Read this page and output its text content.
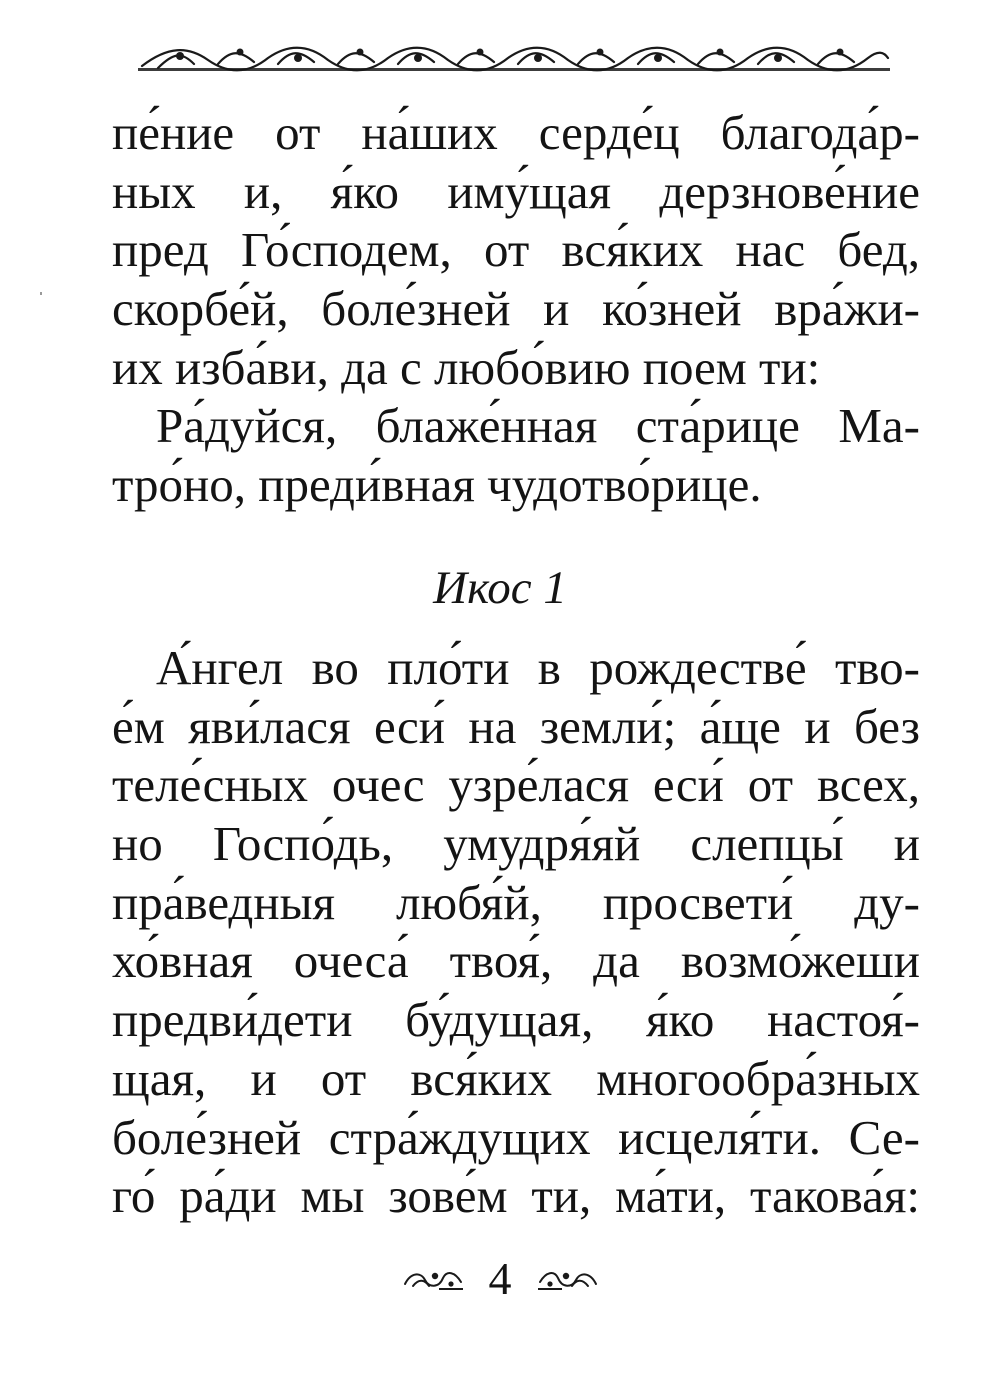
пе́ние от на́ших серде́ц благода́р-
ных и, я́ко иму́щая дерзнове́ние
пред Го́сподем, от вся́ких нас бед,
скорбе́й, боле́зней и ко́зней вра́жи-
их изба́ви, да с любо́вию поем ти:
Ра́дуйся, блаже́нная ста́рице Ма-
тро́но, преди́вная чудотво́рице.
Икос 1
А́нгел во пло́ти в рождестве́ тво-
е́м яви́лася еси́ на земли́; а́ще и без
теле́сных очес узре́лася еси́ от всех,
но Госпо́дь, умудря́яй слепцы́ и
пра́ведныя любя́й, просвети́ ду-
хо́вная очеса́ твоя́, да возмо́жеши
предви́дети бу́дущая, я́ко настоя́-
щая, и от вся́ких многообра́зных
боле́зней стра́ждущих исцеля́ти. Се-
го́ ра́ди мы зове́м ти, ма́ти, такова́я:
4
